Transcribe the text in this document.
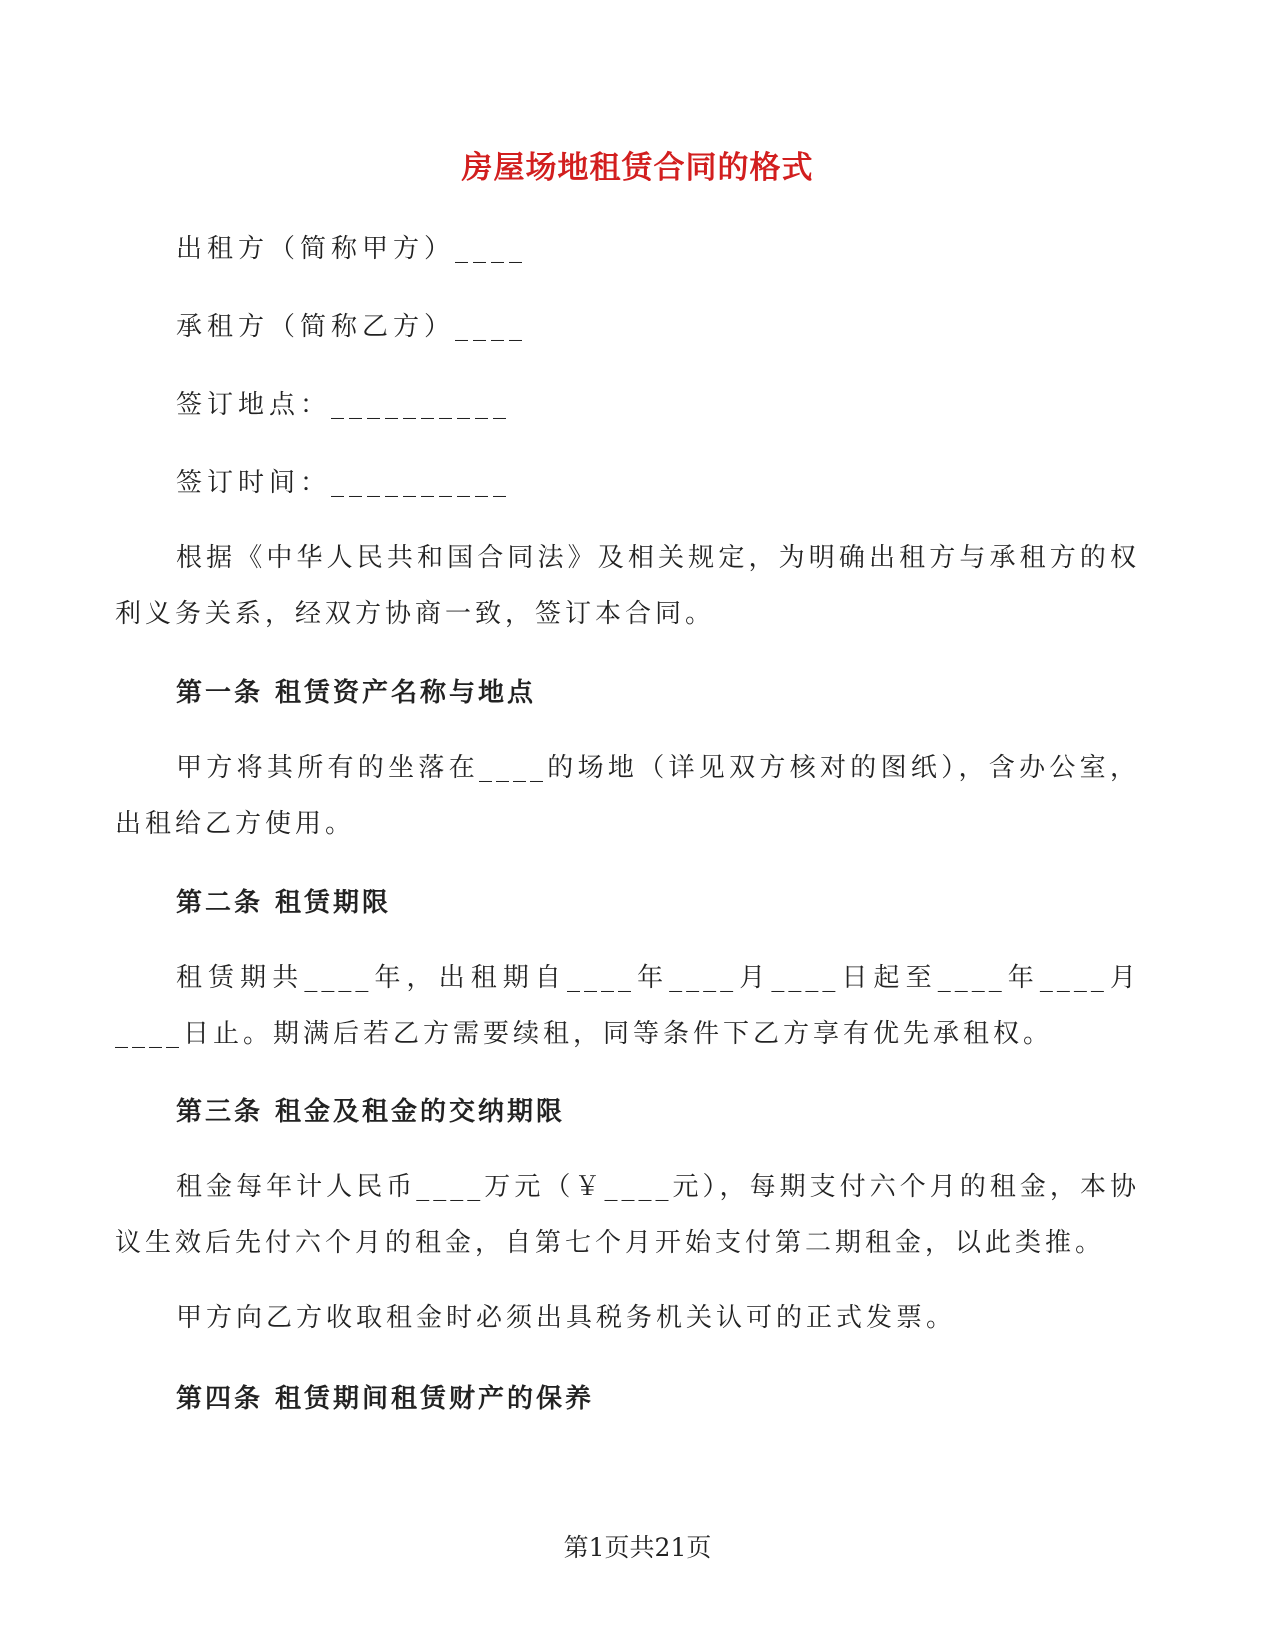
房屋场地租赁合同的格式

出租方（简称甲方）____

承租方（简称乙方）____

签订地点：__________

签订时间：__________

根据《中华人民共和国合同法》及相关规定，为明确出租方与承租方的权利义务关系，经双方协商一致，签订本合同。

第一条 租赁资产名称与地点

甲方将其所有的坐落在____的场地（详见双方核对的图纸），含办公室，出租给乙方使用。

第二条 租赁期限

租赁期共____年，出租期自____年____月____日起至____年____月____日止。期满后若乙方需要续租，同等条件下乙方享有优先承租权。

第三条 租金及租金的交纳期限

租金每年计人民币____万元（￥____元），每期支付六个月的租金，本协议生效后先付六个月的租金，自第七个月开始支付第二期租金，以此类推。

甲方向乙方收取租金时必须出具税务机关认可的正式发票。

第四条 租赁期间租赁财产的保养
第1页共21页
